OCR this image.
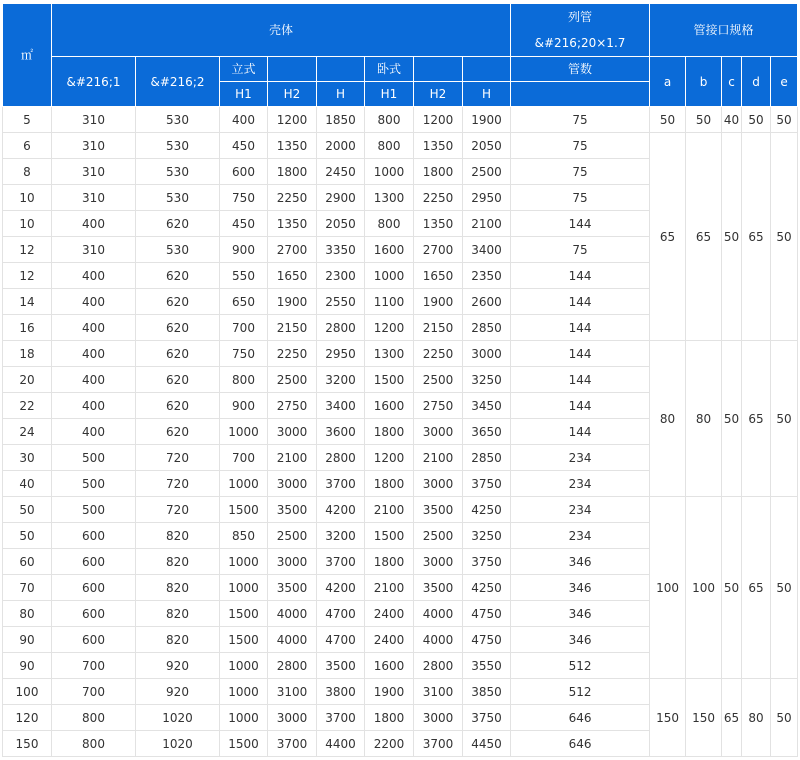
㎡	壳体								列管
&#216;20×1.7	管接口规格				
	&#216;1	&#216;2	立式			卧式			管数	a	b	c	d	e
			H1	H2	H	H1	H2	H						
5	310	530	400	1200	1850	800	1200	1900	75	50	50	40	50	50
6	310	530	450	1350	2000	800	1350	2050	75	65	65	50	65	50
8	310	530	600	1800	2450	1000	1800	2500	75					
10	310	530	750	2250	2900	1300	2250	2950	75					
10	400	620	450	1350	2050	800	1350	2100	144					
12	310	530	900	2700	3350	1600	2700	3400	75					
12	400	620	550	1650	2300	1000	1650	2350	144					
14	400	620	650	1900	2550	1100	1900	2600	144					
16	400	620	700	2150	2800	1200	2150	2850	144					
18	400	620	750	2250	2950	1300	2250	3000	144	80	80	50	65	50
20	400	620	800	2500	3200	1500	2500	3250	144					
22	400	620	900	2750	3400	1600	2750	3450	144					
24	400	620	1000	3000	3600	1800	3000	3650	144					
30	500	720	700	2100	2800	1200	2100	2850	234					
40	500	720	1000	3000	3700	1800	3000	3750	234					
50	500	720	1500	3500	4200	2100	3500	4250	234	100	100	50	65	50
50	600	820	850	2500	3200	1500	2500	3250	234					
60	600	820	1000	3000	3700	1800	3000	3750	346					
70	600	820	1000	3500	4200	2100	3500	4250	346					
80	600	820	1500	4000	4700	2400	4000	4750	346					
90	600	820	1500	4000	4700	2400	4000	4750	346					
90	700	920	1000	2800	3500	1600	2800	3550	512					
100	700	920	1000	3100	3800	1900	3100	3850	512	150	150	65	80	50
120	800	1020	1000	3000	3700	1800	3000	3750	646					
150	800	1020	1500	3700	4400	2200	3700	4450	646					
